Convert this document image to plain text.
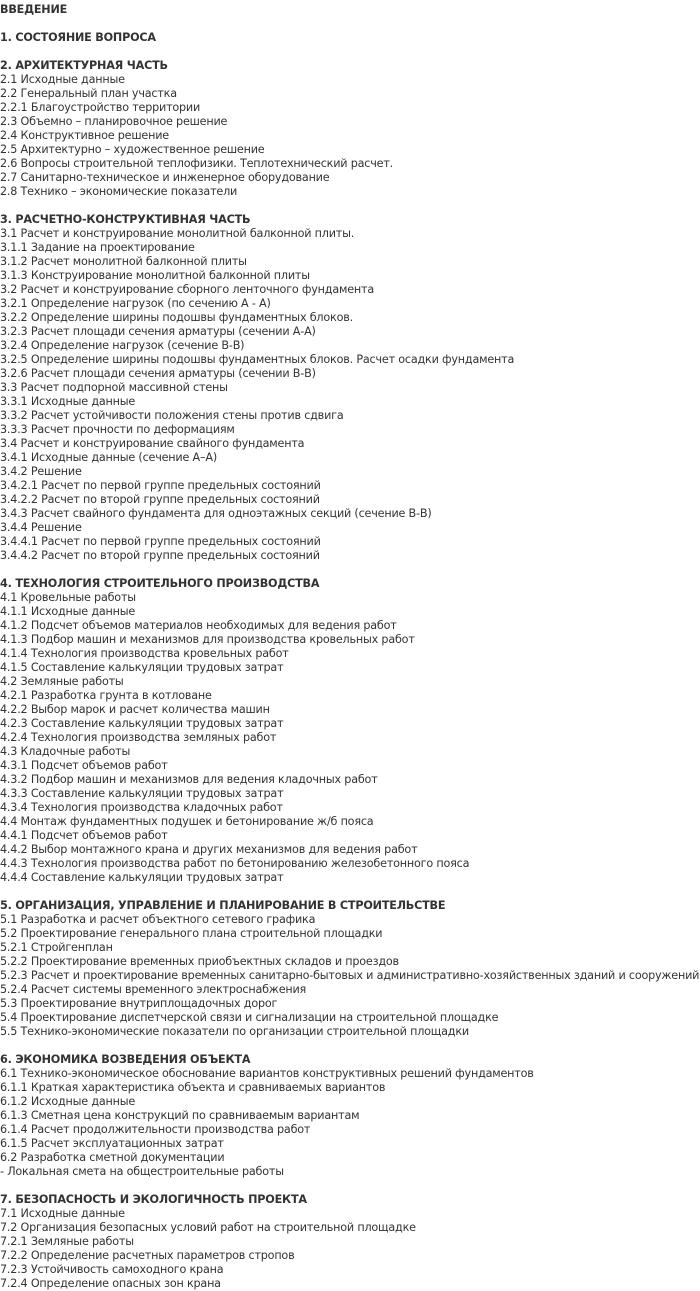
ВВЕДЕНИЕ
1. СОСТОЯНИЕ ВОПРОСА
2. АРХИТЕКТУРНАЯ ЧАСТЬ
2.1 Исходные данные
2.2 Генеральный план участка
2.2.1 Благоустройство территории
2.3 Объемно – планировочное решение
2.4 Конструктивное решение
2.5 Архитектурно – художественное решение
2.6 Вопросы строительной теплофизики. Теплотехнический расчет.
2.7 Санитарно-техническое и инженерное оборудование
2.8 Технико – экономические показатели
3. РАСЧЕТНО-КОНСТРУКТИВНАЯ ЧАСТЬ
3.1 Расчет и конструирование монолитной балконной плиты.
3.1.1 Задание на проектирование
3.1.2 Расчет монолитной балконной плиты
3.1.3 Конструирование монолитной балконной плиты
3.2 Расчет и конструирование сборного ленточного фундамента
3.2.1 Определение нагрузок (по сечению А - А)
3.2.2 Определение ширины подошвы фундаментных блоков.
3.2.3 Расчет площади сечения арматуры (сечении А-А)
3.2.4 Определение нагрузок (сечение В-В)
3.2.5 Определение ширины подошвы фундаментных блоков. Расчет осадки фундамента
3.2.6 Расчет площади сечения арматуры (сечении В-В)
3.3 Расчет подпорной массивной стены
3.3.1 Исходные данные
3.3.2 Расчет устойчивости положения стены против сдвига
3.3.3 Расчет прочности по деформациям
3.4 Расчет и конструирование свайного фундамента
3.4.1 Исходные данные (сечение А–А)
3.4.2 Решение
3.4.2.1 Расчет по первой группе предельных состояний
3.4.2.2 Расчет по второй группе предельных состояний
3.4.3 Расчет свайного фундамента для одноэтажных секций (сечение В-В)
3.4.4 Решение
3.4.4.1 Расчет по первой группе предельных состояний
3.4.4.2 Расчет по второй группе предельных состояний
4. ТЕХНОЛОГИЯ СТРОИТЕЛЬНОГО ПРОИЗВОДСТВА
4.1 Кровельные работы
4.1.1 Исходные данные
4.1.2 Подсчет объемов материалов необходимых для ведения работ
4.1.3 Подбор машин и механизмов для производства кровельных работ
4.1.4 Технология производства кровельных работ
4.1.5 Составление калькуляции трудовых затрат
4.2 Земляные работы
4.2.1 Разработка грунта в котловане
4.2.2 Выбор марок и расчет количества машин
4.2.3 Составление калькуляции трудовых затрат
4.2.4 Технология производства земляных работ
4.3 Кладочные работы
4.3.1 Подсчет объемов работ
4.3.2 Подбор машин и механизмов для ведения кладочных работ
4.3.3 Составление калькуляции трудовых затрат
4.3.4 Технология производства кладочных работ
4.4 Монтаж фундаментных подушек и бетонирование ж/б пояса
4.4.1 Подсчет объемов работ
4.4.2 Выбор монтажного крана и других механизмов для ведения работ
4.4.3 Технология производства работ по бетонированию железобетонного пояса
4.4.4 Составление калькуляции трудовых затрат
5. ОРГАНИЗАЦИЯ, УПРАВЛЕНИЕ И ПЛАНИРОВАНИЕ В СТРОИТЕЛЬСТВЕ
5.1 Разработка и расчет объектного сетевого графика
5.2 Проектирование генерального плана строительной площадки
5.2.1 Стройгенплан
5.2.2 Проектирование временных приобъектных складов и проездов
5.2.3 Расчет и проектирование временных санитарно-бытовых и административно-хозяйственных зданий и сооружений
5.2.4 Расчет системы временного электроснабжения
5.3 Проектирование внутриплощадочных дорог
5.4 Проектирование диспетчерской связи и сигнализации на строительной площадке
5.5 Технико-экономические показатели по организации строительной площадки
6. ЭКОНОМИКА ВОЗВЕДЕНИЯ ОБЪЕКТА
6.1 Технико-экономическое обоснование вариантов конструктивных решений фундаментов
6.1.1 Краткая характеристика объекта и сравниваемых вариантов
6.1.2 Исходные данные
6.1.3 Сметная цена конструкций по сравниваемым вариантам
6.1.4 Расчет продолжительности производства работ
6.1.5 Расчет эксплуатационных затрат
6.2 Разработка сметной документации
- Локальная смета на общестроительные работы
7. БЕЗОПАСНОСТЬ И ЭКОЛОГИЧНОСТЬ ПРОЕКТА
7.1 Исходные данные
7.2 Организация безопасных условий работ на строительной площадке
7.2.1 Земляные работы
7.2.2 Определение расчетных параметров стропов
7.2.3 Устойчивость самоходного крана
7.2.4 Определение опасных зон крана
